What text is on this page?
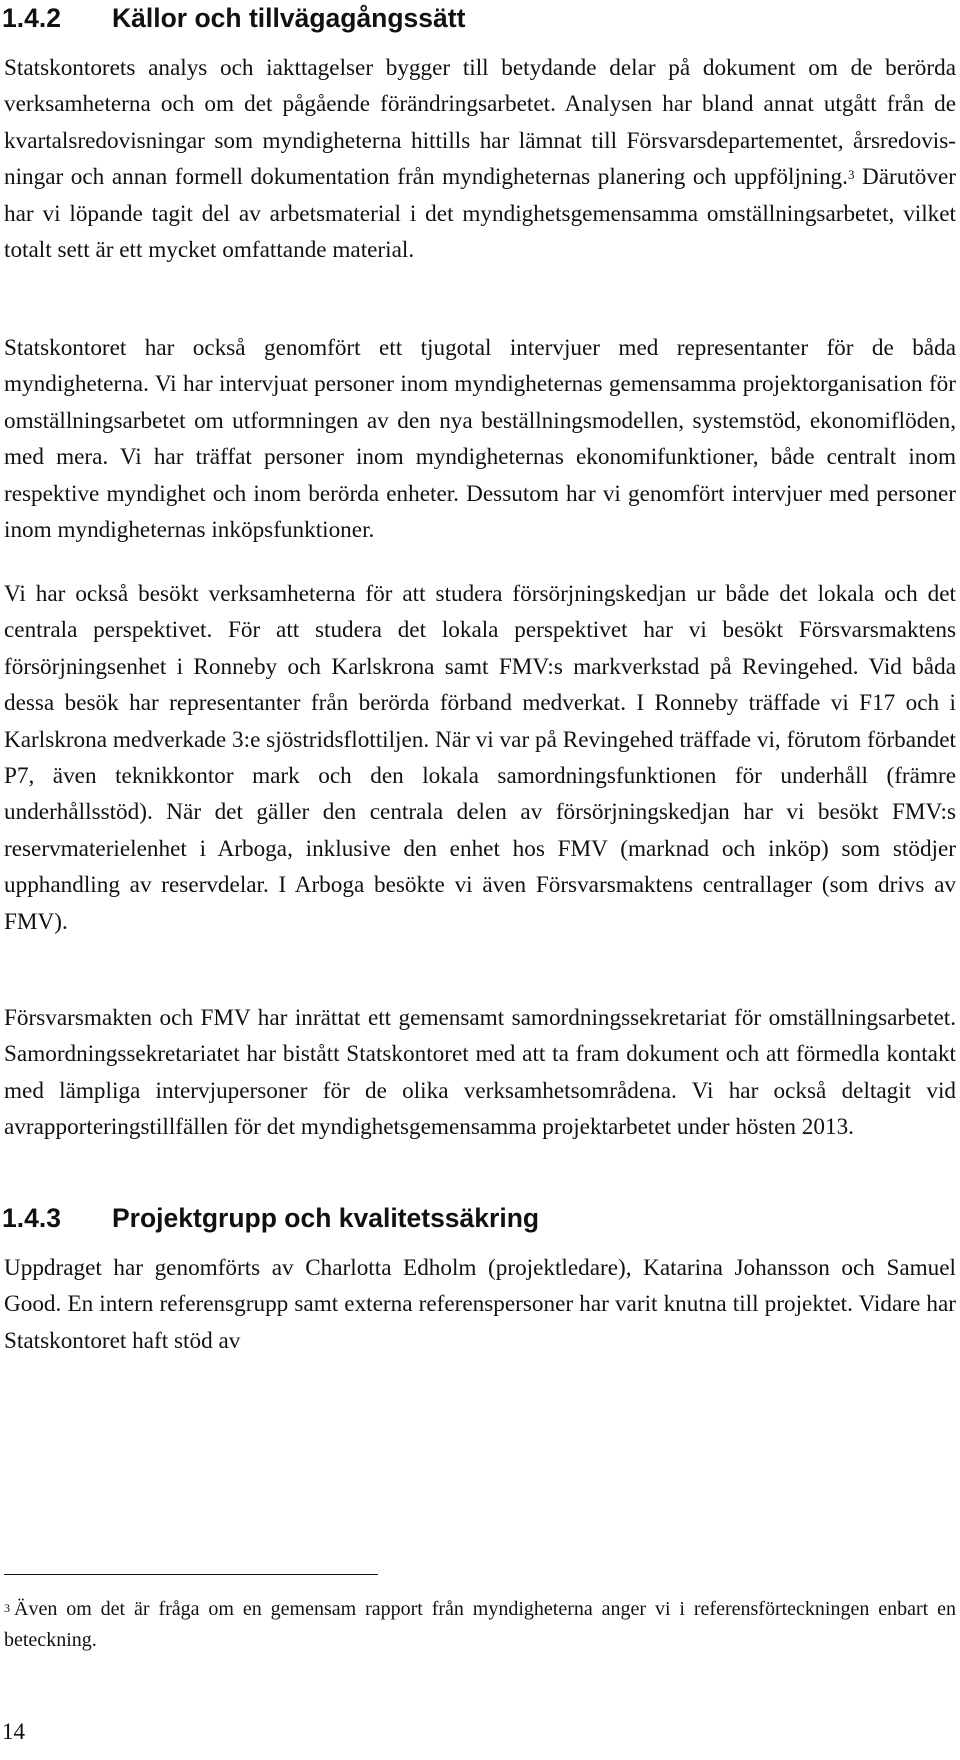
1.4.2 Källor och tillvägagångssätt

Statskontorets analys och iakttagelser bygger till betydande delar på dokument om de berörda verksamheterna och om det pågående förändringsarbetet. Analysen har bland annat utgått från de kvartalsredovisningar som myndigheterna hittills har lämnat till Försvarsdepartementet, årsredovisningar och annan formell dokumentation från myndigheternas planering och uppföljning.$^3$ Därutöver har vi löpande tagit del av arbetsmaterial i det myndighetsgemensamma omställningsarbetet, vilket totalt sett är ett mycket omfattande material.

Statskontoret har också genomfört ett tjugotal intervjuer med representanter för de båda myndigheterna. Vi har intervjuat personer inom myndigheternas gemensamma projektorganisation för omställningsarbetet om utformningen av den nya beställningsmodellen, systemstöd, ekonomiflöden, med mera. Vi har träffat personer inom myndigheternas ekonomifunktioner, både centralt inom respektive myndighet och inom berörda enheter. Dessutom har vi genomfört intervjuer med personer inom myndigheternas inköpsfunktioner.

Vi har också besökt verksamheterna för att studera försörjningskedjan ur både det lokala och det centrala perspektivet. För att studera det lokala perspektivet har vi besökt Försvarsmaktens försörjningsenhet i Ronneby och Karlskrona samt FMV:s markverkstad på Revingehed. Vid båda dessa besök har representanter från berörda förband medverkat. I Ronneby träffade vi F17 och i Karlskrona medverkade 3:e sjöstridsflottiljen. När vi var på Revingehed träffade vi, förutom förbandet P7, även teknikkontor mark och den lokala samordningsfunktionen för underhåll (främre underhållsstöd). När det gäller den centrala delen av försörjningskedjan har vi besökt FMV:s reservmaterielenhet i Arboga, inklusive den enhet hos FMV (marknad och inköp) som stödjer upphandling av reservdelar. I Arboga besökte vi även Försvarsmaktens centrallager (som drivs av FMV).

Försvarsmakten och FMV har inrättat ett gemensamt samordningssekretariat för omställningsarbetet. Samordningssekretariatet har bistått Statskontoret med att ta fram dokument och att förmedla kontakt med lämpliga intervjupersoner för de olika verksamhetsområdena. Vi har också deltagit vid avrapporteringstillfällen för det myndighetsgemensamma projektarbetet under hösten 2013.

1.4.3 Projektgrupp och kvalitetssäkring

Uppdraget har genomförts av Charlotta Edholm (projektledare), Katarina Johansson och Samuel Good. En intern referensgrupp samt externa referenspersoner har varit knutna till projektet. Vidare har Statskontoret haft stöd av

$^3$ Även om det är fråga om en gemensam rapport från myndigheterna anger vi i referensförteckningen enbart en beteckning.

14
